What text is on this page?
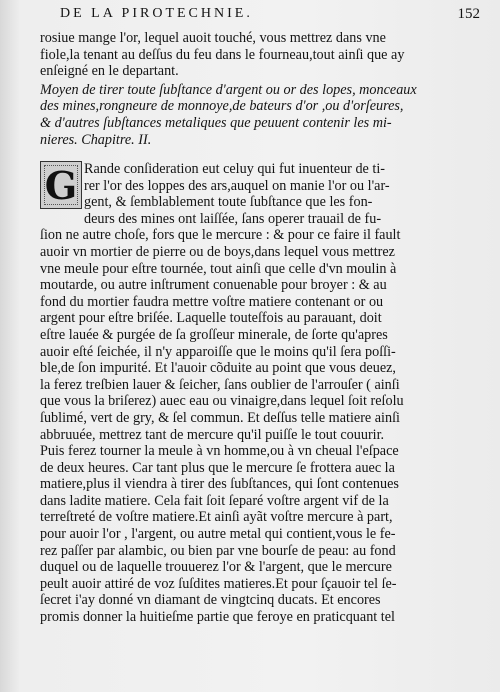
DE LA PIROTECHNIE.	152
rosiue mange l'or, lequel auoit touché, vous mettrez dans vne
fiole,la tenant au deſſus du feu dans le fourneau,tout ainſi que ay
enſeigné en le departant.
Moyen de tirer toute ſubſtance d'argent ou or des lopes, monceaux
des mines,rongneure de monnoye,de bateurs d'or ,ou d'orſeures,
& d'autres ſubſtances metaliques que peuuent contenir les mi-
nieres. Chapitre. II.
Rande conſideration eut celuy qui fut inuenteur de ti-
rer l'or des loppes des ars,auquel on manie l'or ou l'ar-
gent, & ſemblablement toute ſubſtance que les fon-
deurs des mines ont laiſſée, ſans operer trauail de fu-
ſion ne autre choſe, fors que le mercure : & pour ce faire il fault
auoir vn mortier de pierre ou de boys,dans lequel vous mettrez
vne meule pour eſtre tournée, tout ainſi que celle d'vn moulin à
moutarde, ou autre inſtrument conuenable pour broyer : & au
fond du mortier faudra mettre voſtre matiere contenant or ou
argent pour eſtre briſée. Laquelle touteſfois au parauant, doit
eſtre lauée & purgée de ſa groſſeur minerale, de ſorte qu'apres
auoir eſté ſeichée, il n'y apparoiſſe que le moins qu'il ſera poſſi-
ble,de ſon impurité. Et l'auoir cõduite au point que vous deuez,
la ferez treſbien lauer & ſeicher, ſans oublier de l'arrouſer ( ainſi
que vous la briſerez) auec eau ou vinaigre,dans lequel ſoit reſolu
ſublimé, vert de gry, & ſel commun. Et deſſus telle matiere ainſi
abbruuée, mettrez tant de mercure qu'il puiſſe le tout couurir.
Puis ferez tourner la meule à vn homme,ou à vn cheual l'eſpace
de deux heures. Car tant plus que le mercure ſe frottera auec la
matiere,plus il viendra à tirer des ſubſtances, qui ſont contenues
dans ladite matiere. Cela fait ſoit ſeparé voſtre argent vif de la
terreſtreté de voſtre matiere.Et ainſi ayãt voſtre mercure à part,
pour auoir l'or , l'argent, ou autre metal qui contient,vous le fe-
rez paſſer par alambic, ou bien par vne bourſe de peau: au fond
duquel ou de laquelle trouuerez l'or & l'argent, que le mercure
peult auoir attiré de voz ſuſdites matieres.Et pour ſçauoir tel ſe-
ſecret i'ay donné vn diamant de vingtcinq ducats. Et encores
promis donner la huitieſme partie que feroye en praticquant tel
G
